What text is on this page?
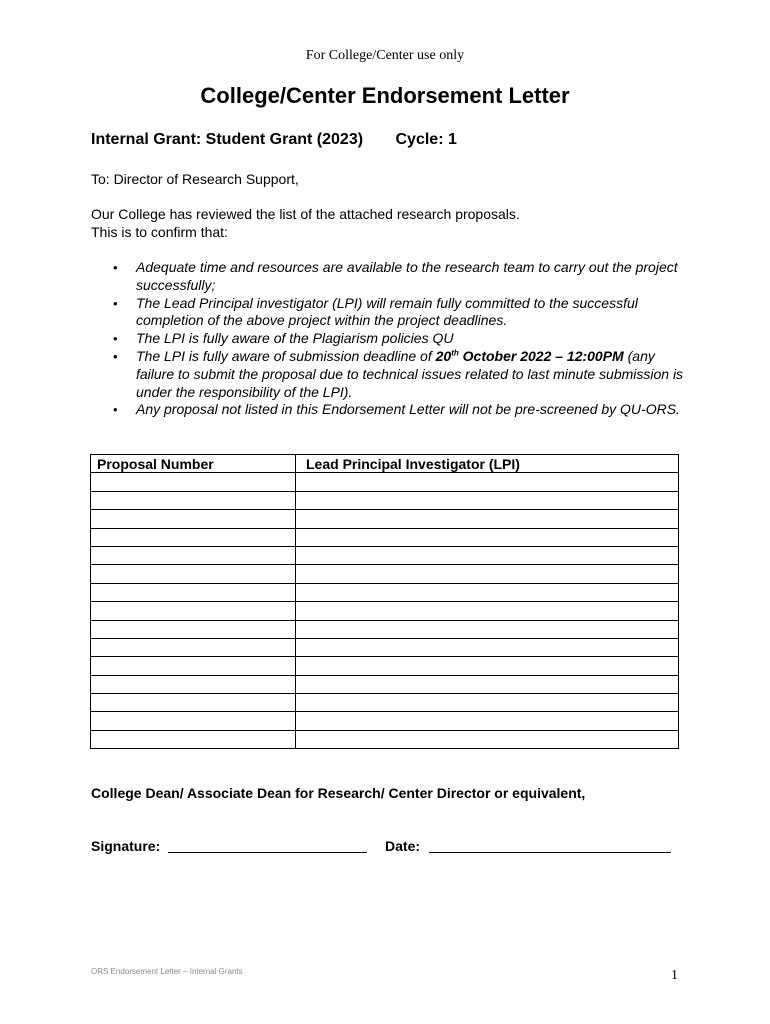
For College/Center use only
College/Center Endorsement Letter
Internal Grant: Student Grant (2023) Cycle: 1
To: Director of Research Support,
Our College has reviewed the list of the attached research proposals.
This is to confirm that:
• Adequate time and resources are available to the research team to carry out the project successfully;
• The Lead Principal investigator (LPI) will remain fully committed to the successful completion of the above project within the project deadlines.
• The LPI is fully aware of the Plagiarism policies QU
• The LPI is fully aware of submission deadline of 20th October 2022 – 12:00PM (any failure to submit the proposal due to technical issues related to last minute submission is under the responsibility of the LPI).
• Any proposal not listed in this Endorsement Letter will not be pre-screened by QU-ORS.
Proposal Number	Lead Principal Investigator (LPI)

College Dean/ Associate Dean for Research/ Center Director or equivalent,
Signature:	Date:
ORS Endorsement Letter – Internal Grants	1
